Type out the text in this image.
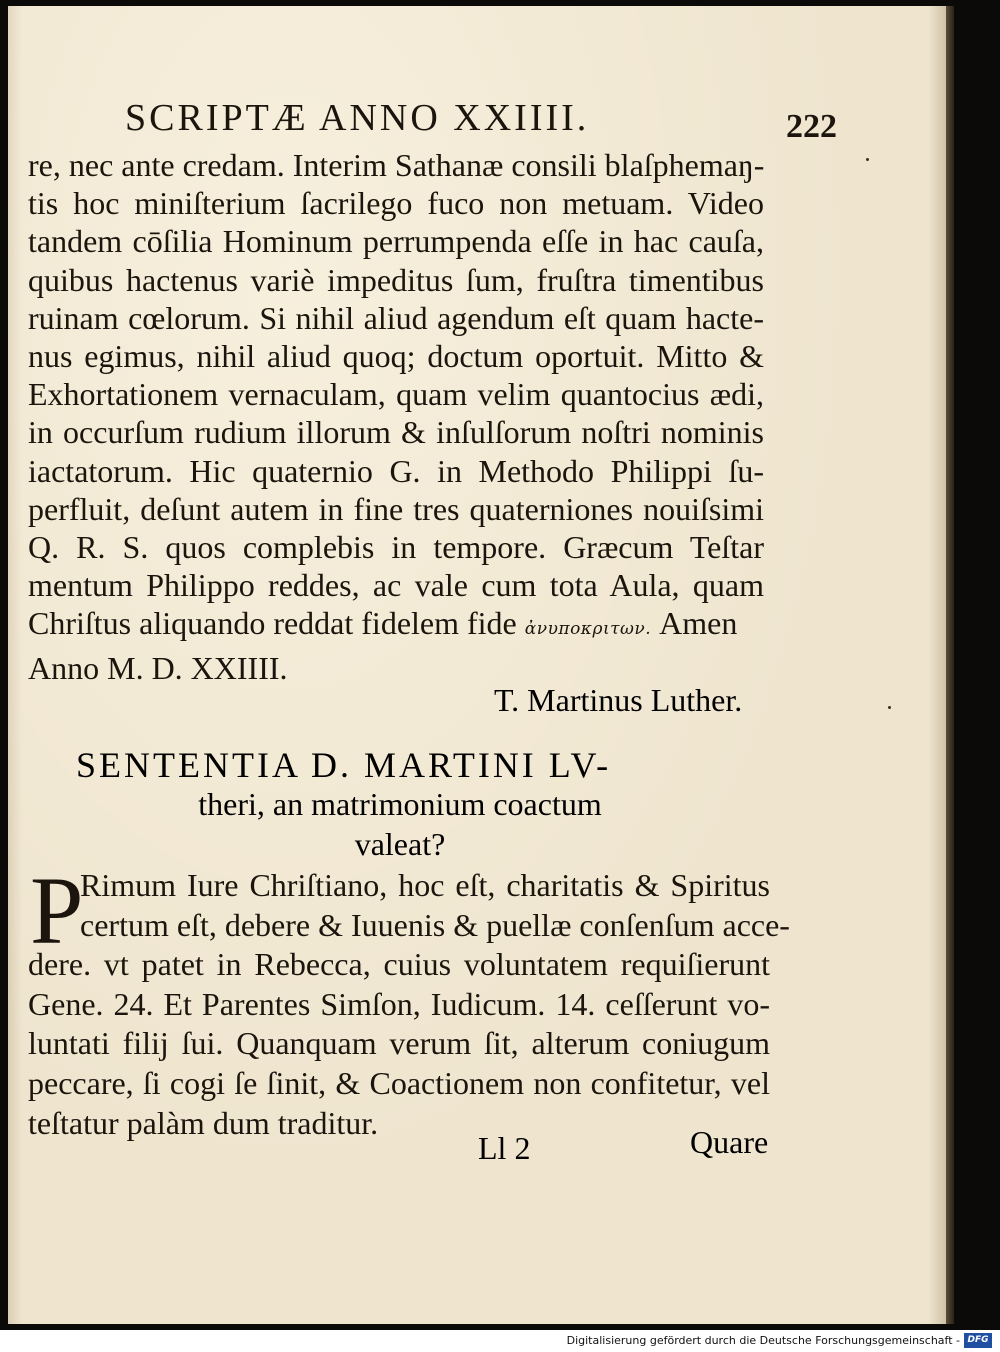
SCRIPTÆ ANNO XXIIII.	222
re, nec ante credam. Interim Sathanæ consili blaſphemaŋ-
tis hoc miniſterium ſacrilego fuco non metuam. Video
tandem cōſilia Hominum perrumpenda eſſe in hac cauſa,
quibus hactenus variè impeditus ſum, fruſtra timentibus
ruinam cœlorum. Si nihil aliud agendum eſt quam hacte-
nus egimus, nihil aliud quoq; doctum oportuit. Mitto &
Exhortationem vernaculam, quam velim quantocius ædi,
in occurſum rudium illorum & inſulſorum noſtri nominis
iactatorum. Hic quaternio G. in Methodo Philippi ſu-
perfluit, deſunt autem in fine tres quaterniones nouiſsimi
Q. R. S. quos complebis in tempore. Græcum Teſtar
mentum Philippo reddes, ac vale cum tota Aula, quam
Chriſtus aliquando reddat fidelem fide ἀνυποκριτων. Amen
Anno M. D. XXIIII.
T. Martinus Luther.
SENTENTIA D. MARTINI LV-
theri, an matrimonium coactum
valeat?
P
Rimum Iure Chriſtiano, hoc eſt, charitatis & Spiritus
certum eſt, debere & Iuuenis & puellæ conſenſum acce-
dere. vt patet in Rebecca, cuius voluntatem requiſierunt
Gene. 24. Et Parentes Simſon, Iudicum. 14. ceſſerunt vo-
luntati filij ſui. Quanquam verum ſit, alterum coniugum
peccare, ſi cogi ſe ſinit, & Coactionem non confitetur, vel
teſtatur palàm dum traditur.
Ll 2	Quare
Digitalisierung gefördert durch die Deutsche Forschungsgemeinschaft - DFG
